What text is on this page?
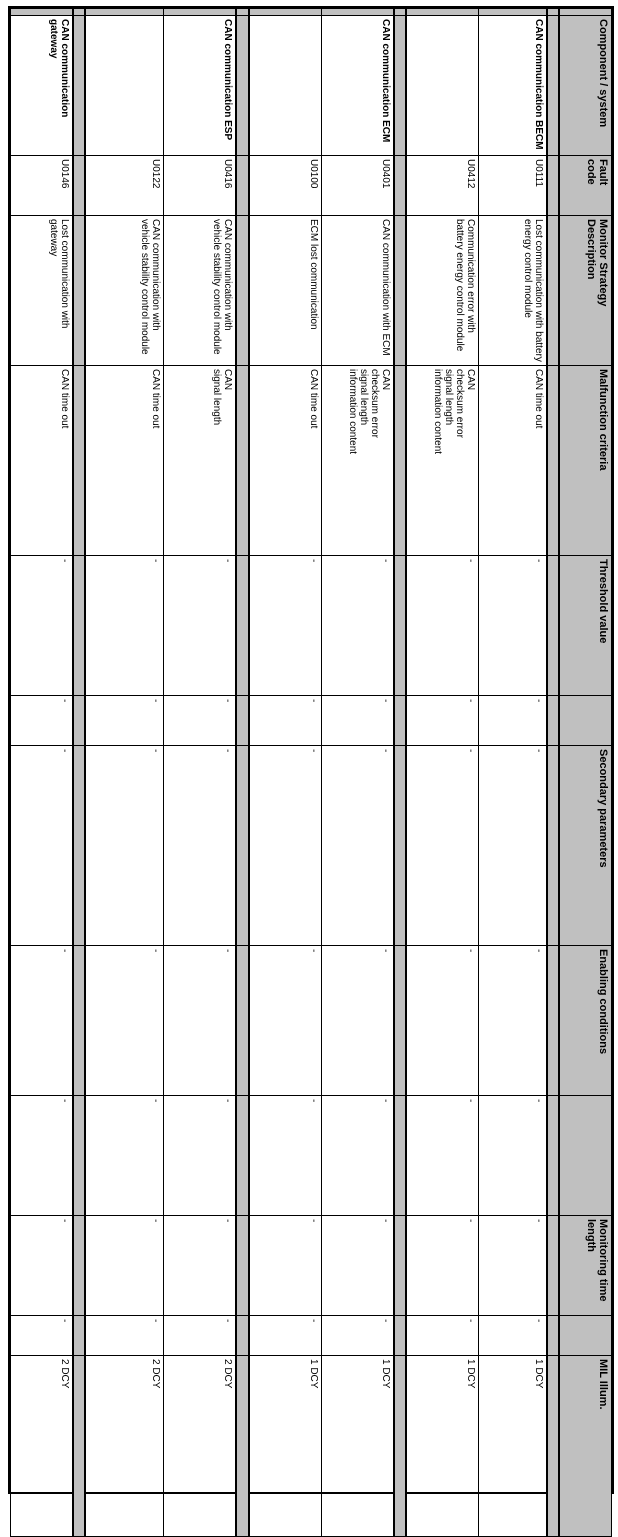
	Component / system	Fault code	Monitor Strategy Description	Malfunction criteria	Threshold value		Secondary parameters	Enabling conditions		Monitoring time length		MIL Illum.

	CAN communication BECM	U0111	Lost communication with battery energy control module	CAN time out	-	-	-	-	-	-	-	1 DCY
		U0412	Communication error with battery energy control module	CAN
checksum error
signal length
information content	-	-	-	-	-	-	-	1 DCY

	CAN communication ECM	U0401	CAN communication with ECM	CAN
checksum error
signal length
information content	-	-	-	-	-	-	-	1 DCY
		U0100	ECM lost communication	CAN time out	-	-	-	-	-	-	-	1 DCY

	CAN communication ESP	U0416	CAN communication with vehicle stability control module	CAN
signal length	-	-	-	-	-	-	-	2 DCY
		U0122	CAN communication with vehicle stability control module	CAN time out	-	-	-	-	-	-	-	2 DCY

	CAN communication gateway	U0146	Lost communication with gateway	CAN time out	-	-	-	-	-	-	-	2 DCY
